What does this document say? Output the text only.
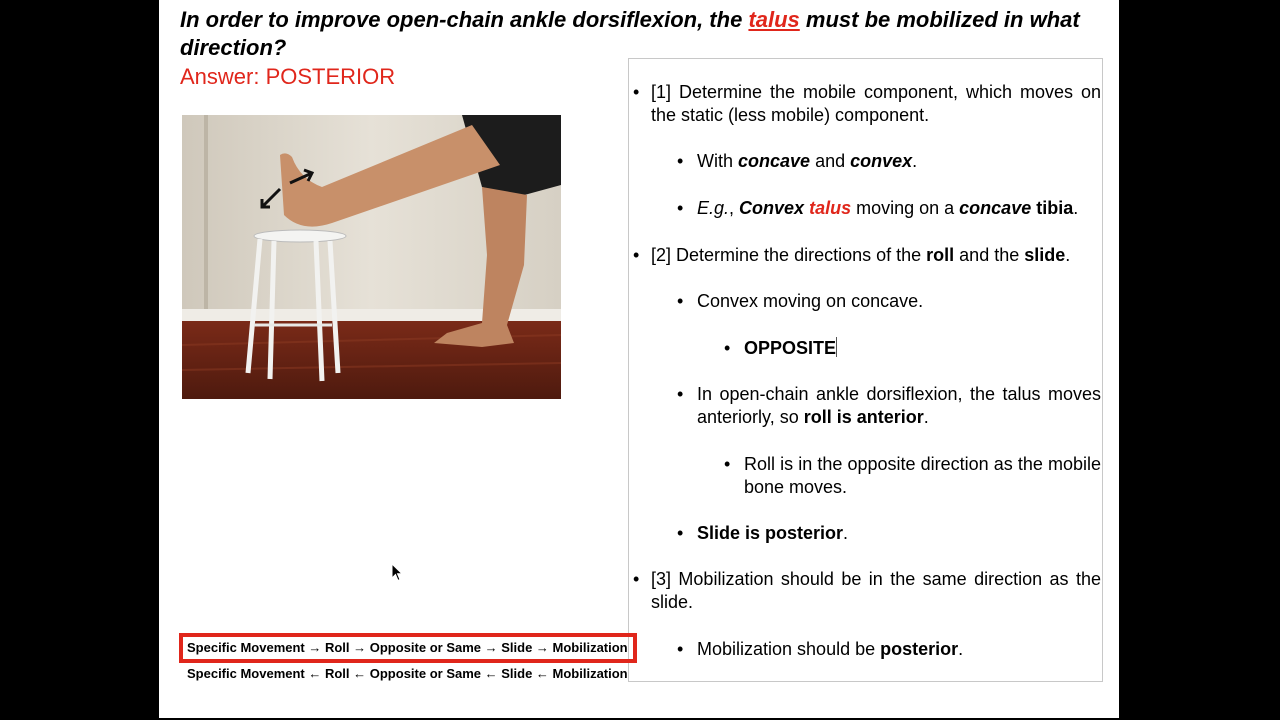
In order to improve open-chain ankle dorsiflexion, the talus must be mobilized in what direction?
Answer: POSTERIOR
• [1] Determine the mobile component, which moves on the static (less mobile) component.
• With concave and convex.
• E.g., Convex talus moving on a concave tibia.
• [2] Determine the directions of the roll and the slide.
• Convex moving on concave.
• OPPOSITE
• In open-chain ankle dorsiflexion, the talus moves anteriorly, so roll is anterior.
• Roll is in the opposite direction as the mobile bone moves.
• Slide is posterior.
• [3] Mobilization should be in the same direction as the slide.
• Mobilization should be posterior.
Specific Movement → Roll → Opposite or Same → Slide → Mobilization
Specific Movement ← Roll ← Opposite or Same ← Slide ← Mobilization
